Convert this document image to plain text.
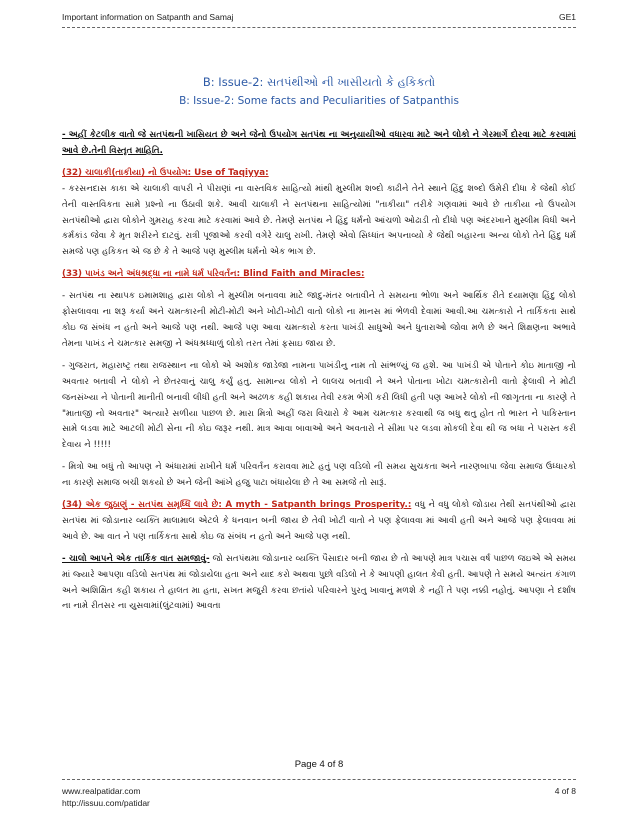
Important information on Satpanth and Samaj	GE1
B: Issue-2: સતપંથીઓ ની ખાસીયતો કે હકિકતો
B: Issue-2: Some facts and Peculiarities of Satpanthis

- અહીં કેટલીક વાતો જે સતપંથની ખાસિયત છે અને જેનો ઉપયોગ સતપંથ ના અનુયાયીઓ વધારવા માટે અને લોકો ને ગેરમાર્ગે દોરવા માટે કરવામાં આવે છે.તેની વિસ્તૃત માહિતિ.

(32) ચાલાકી(તાકીયા) નો ઉપયોગ: Use of Taqiyya:
- કરસનદાસ કાકા એ ચાલાકી વાપરી ને પીરાણાં ના વાસ્તવિક સાહિત્યો માંથી મુસ્લીમ શબ્દો કાઢીને તેને સ્થાને હિંદુ શબ્દો ઉમેરી દીધા કે જેથી કોઈ તેની વાસ્તવિકતા સામે પ્રશ્નો ના ઉઠાવી શકે. આવી ચાલાકી ને સતપંથના સાહિત્યોમાં "તાકીયા" તરીકે ગણવામાં આવે છે તાકીયા નો ઉપયોગ સતપંથીઓ દ્વારા લોકોને ગુમરાહ કરવા માટે કરવામાં આવે છે. તેમણે સતપંથ ને હિંદુ ધર્મનો આંચળો ઓઢાડી તો દીધો પણ અંદરખાને મુસ્લીમ વિધી અને કર્મકાંડ જેવા કે મૃત શરીરને દાટવું. રાત્રી પૂજાઓ કરવી વગેરે ચાલુ રાખી. તેમણે એવો સિધ્ધાંત અપનાવ્યો કે જેથી બહારના અન્ય લોકો તેને હિંદુ ધર્મ સમજે પણ હકિકત એ જ છે કે તે આજે પણ મુસ્લીમ ધર્મનો એક ભાગ છે.

(33) પાખંડ અને અંધશ્રદ્ધા ના નામે ધર્મ પરિવર્તન: Blind Faith and Miracles:

- સતપંથ ના સ્થાપક ઇમામશાહ દ્વારા લોકો ને મુસ્લીમ બનાવવા માટે જાદુ-મંતર બતાવીને તે સમયના ભોળા અને આર્થિક રીતે દયામણા હિંદુ લોકો ફોસલાવવા ના શરૂ કર્યા અને ચમત્કારની મોટી-મોટી અને ખોટી-ખોટી વાતો લોકો ના માનસ માં ભેળવી દેવામાં આવી.આ ચમત્કારો ને તાર્કિકતા સાથે કોઇ જ સંબંધ ન હતો અને આજે પણ નથી. આજે પણ આવા ચમત્કારો કરતા પાખંડી સાધુઓ અને ધુતારાઓ જોવા મળે છે અને શિક્ષણના અભાવે તેમના પાખંડ ને ચમત્કાર સમજી ને અંધશ્રધ્ધાળું લોકો તરત તેમાં ફસાઇ જાય છે.

- ગુજરાત, મહારાષ્ટ્ર તથા રાજસ્થાન ના લોકો એ અશોક જાડેજા નામના પાખંડીનુ નામ તો સાંભળ્યું જ હશે. આ પાખંડી એ પોતાને કોઇ માતાજી નો અવતાર બતાવી ને લોકો ને છેતરવાનું ચાલુ કર્યું હતુ. સામાન્ય લોકો ને લાલચ બતાવી ને અને પોતાના ખોટા ચમત્કારોની વાતો ફેલાવી ને મોટી જનસંખ્યા ને પોતાની માનીતી બનાવી લીધી હતી અને અઢળક કહી શકાય તેવી રકમ ભેગી કરી લિધી હતી પણ આખરે લોકો ની જાગૃતતા ના કારણે તે "માતાજી નો અવતાર" અત્યારે સળીયા પાછળ છે. મારા મિત્રો અહીં જરા વિચારો કે આમ ચમત્કાર કરવાથી જ બધુ થતુ હોત તો ભારત ને પાકિસ્તાન સામે લડવા માટે આટલી મોટી સેના ની કોઇ જરૂર નથી. માત્ર આવા બાવાઓ અને અવતારો ને સીમા પર લડવા મોકલી દેવા થી જ બધા ને પરાસ્ત કરી દેવાય ને !!!!!

- મિત્રો આ બધું તો આપણ ને અંધારામાં રાખીને ધર્મ પરિવર્તન કરાવવા માટે હતું પણ વડિલો ની સમય સુચકતા અને નારણબાપા જેવા સમાજ ઉધ્ધારકો ના કારણે સમાજ બચી શકયો છે અને જેની આંખે હજુ પાટા બંધાયેલા છે તે આ સમજે તો સારૂં.

(34) એક જુઠાણું - સતપંથ સમૃધ્ધિ લાવે છે: A myth - Satpanth brings Prosperity.: વધુ ને વધુ લોકો જોડાય તેથી સતપંથીઓ દ્વારા સતપંથ માં જોડાનાર વ્યક્તિ માલામાલ એટલે કે ધનવાન બની જાય છે તેવી ખોટી વાતો ને પણ ફેલાવવા માં આવી હતી અને આજે પણ ફેલાવવા માં આવે છે. આ વાત ને પણ તાર્કિકતા સાથે કોઇ જ સંબંધ ન હતો અને આજે પણ નથી.

- ચાલો આપને એક તાર્કિક વાત સમજાવું- જો સતપંથમા જોડાનાર વ્યક્તિ પૈસાદાર બની જાય છે તો આપણે માત્ર પચાસ વર્ષ પાછળ જઇએ એ સમય માં જ્યારે આપણા વડિલો સતપંથ માં જોડાયેલા હતા અને યાદ કરો અથવા પુછો વડિલો ને કે આપણી હાલત કેવી હતી. આપણે તે સમયે અત્યંત કંગાળ અને અશિક્ષિત કહી શકાય તે હાલત મા હતા, સખત મજુરી કરવા છતાંયે પરિવારને પુરતુ ખાવાનું મળશે કે નહીં તે પણ નક્કી નહોતું. આપણા ને દર્શાષ ના નામે રીતસર ના યુસવામાં(લુંટવામાં) આવતા

Page 4 of 8
www.realpatidar.com
http://issuu.com/patidar
4 of 8
